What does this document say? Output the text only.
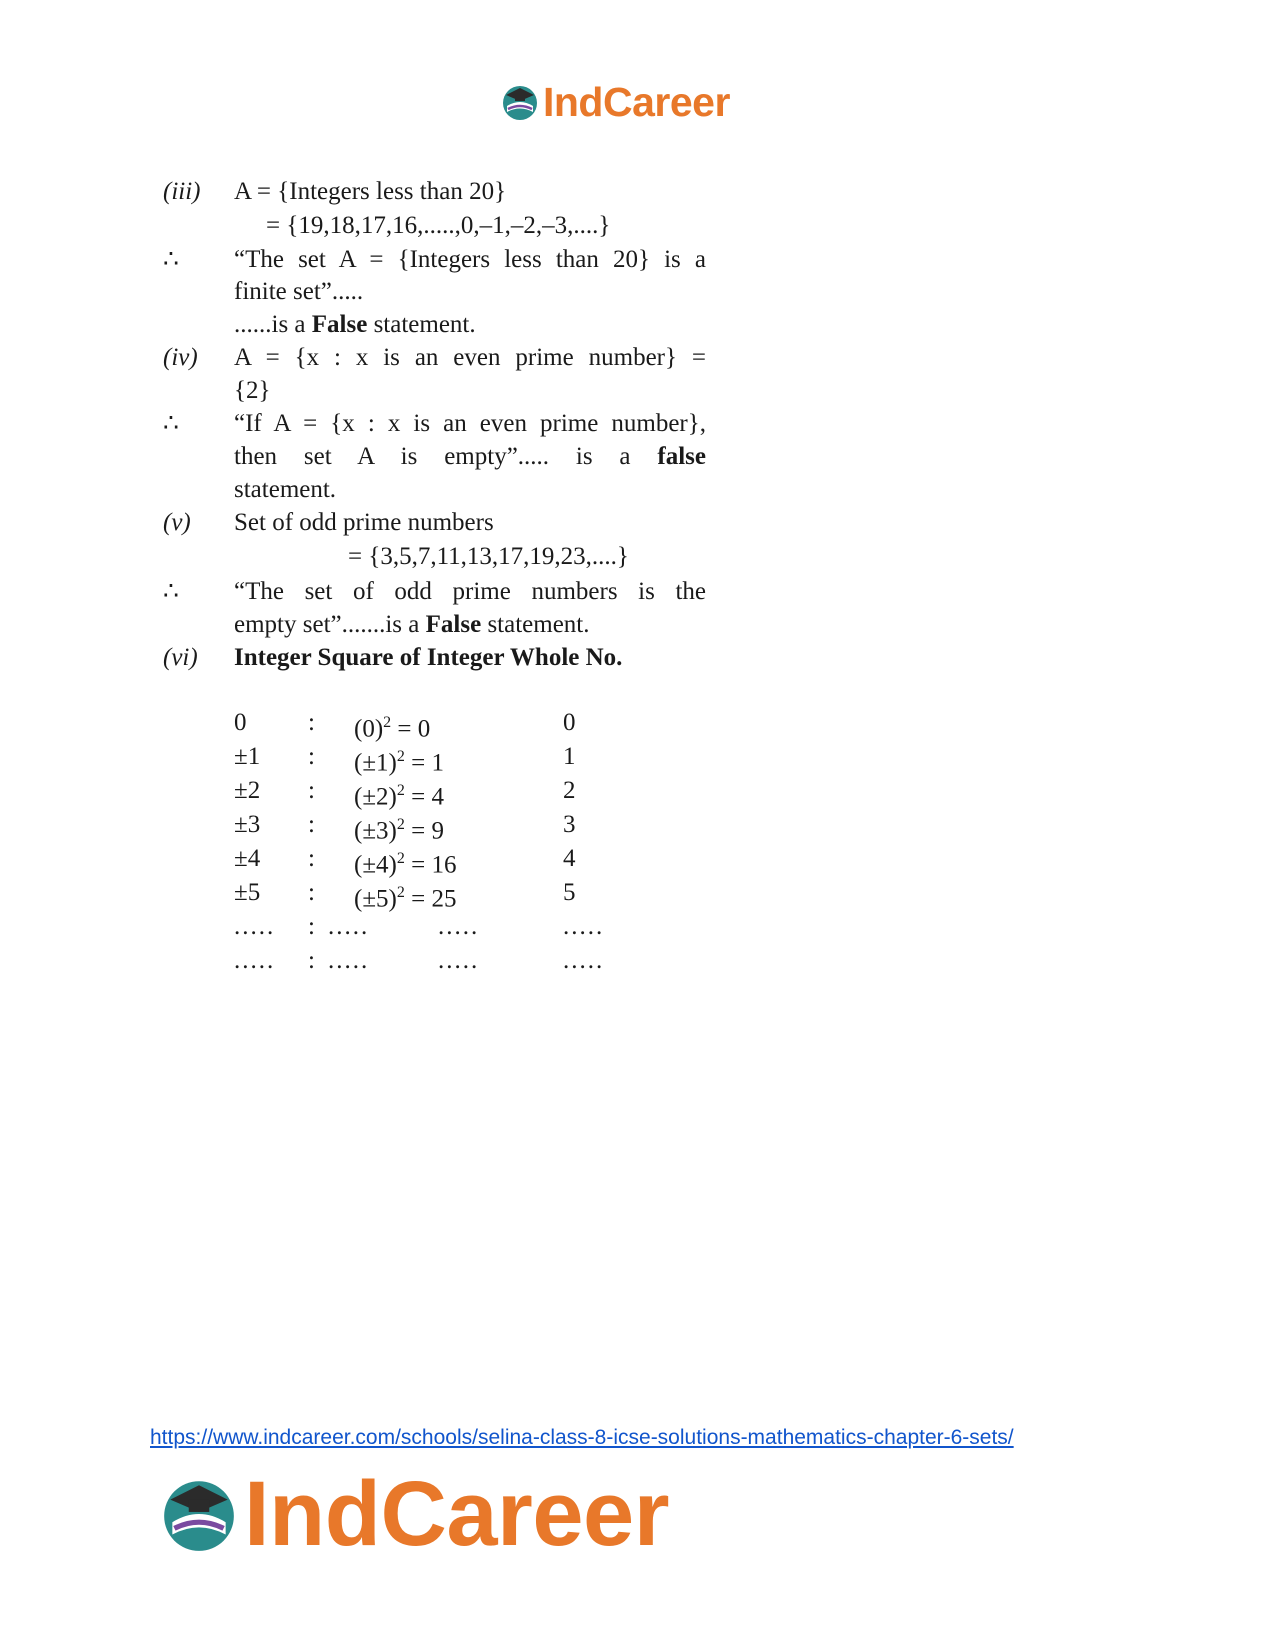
IndCareer
(iii) A = {Integers less than 20}
= {19,18,17,16,.....,0,–1,–2,–3,....}
∴ “The set A = {Integers less than 20} is a
finite set”.....
......is a False statement.
(iv) A = {x : x is an even prime number} =
{2}
∴ “If A = {x : x is an even prime number},
then set A is empty”..... is a false
statement.
(v) Set of odd prime numbers
= {3,5,7,11,13,17,19,23,....}
∴ “The set of odd prime numbers is the
empty set”.......is a False statement.
(vi) Integer Square of Integer Whole No.
0 : $(0)^2 = 0$	0
±1 : $(\pm 1)^2 = 1$	1
±2 : $(\pm 2)^2 = 4$	2
±3 : $(\pm 3)^2 = 9$	3
±4 : $(\pm 4)^2 = 16$	4
±5 : $(\pm 5)^2 = 25$	5
..... : .....	.....	.....
..... : .....	.....	.....
https://www.indcareer.com/schools/selina-class-8-icse-solutions-mathematics-chapter-6-sets/
IndCareer
